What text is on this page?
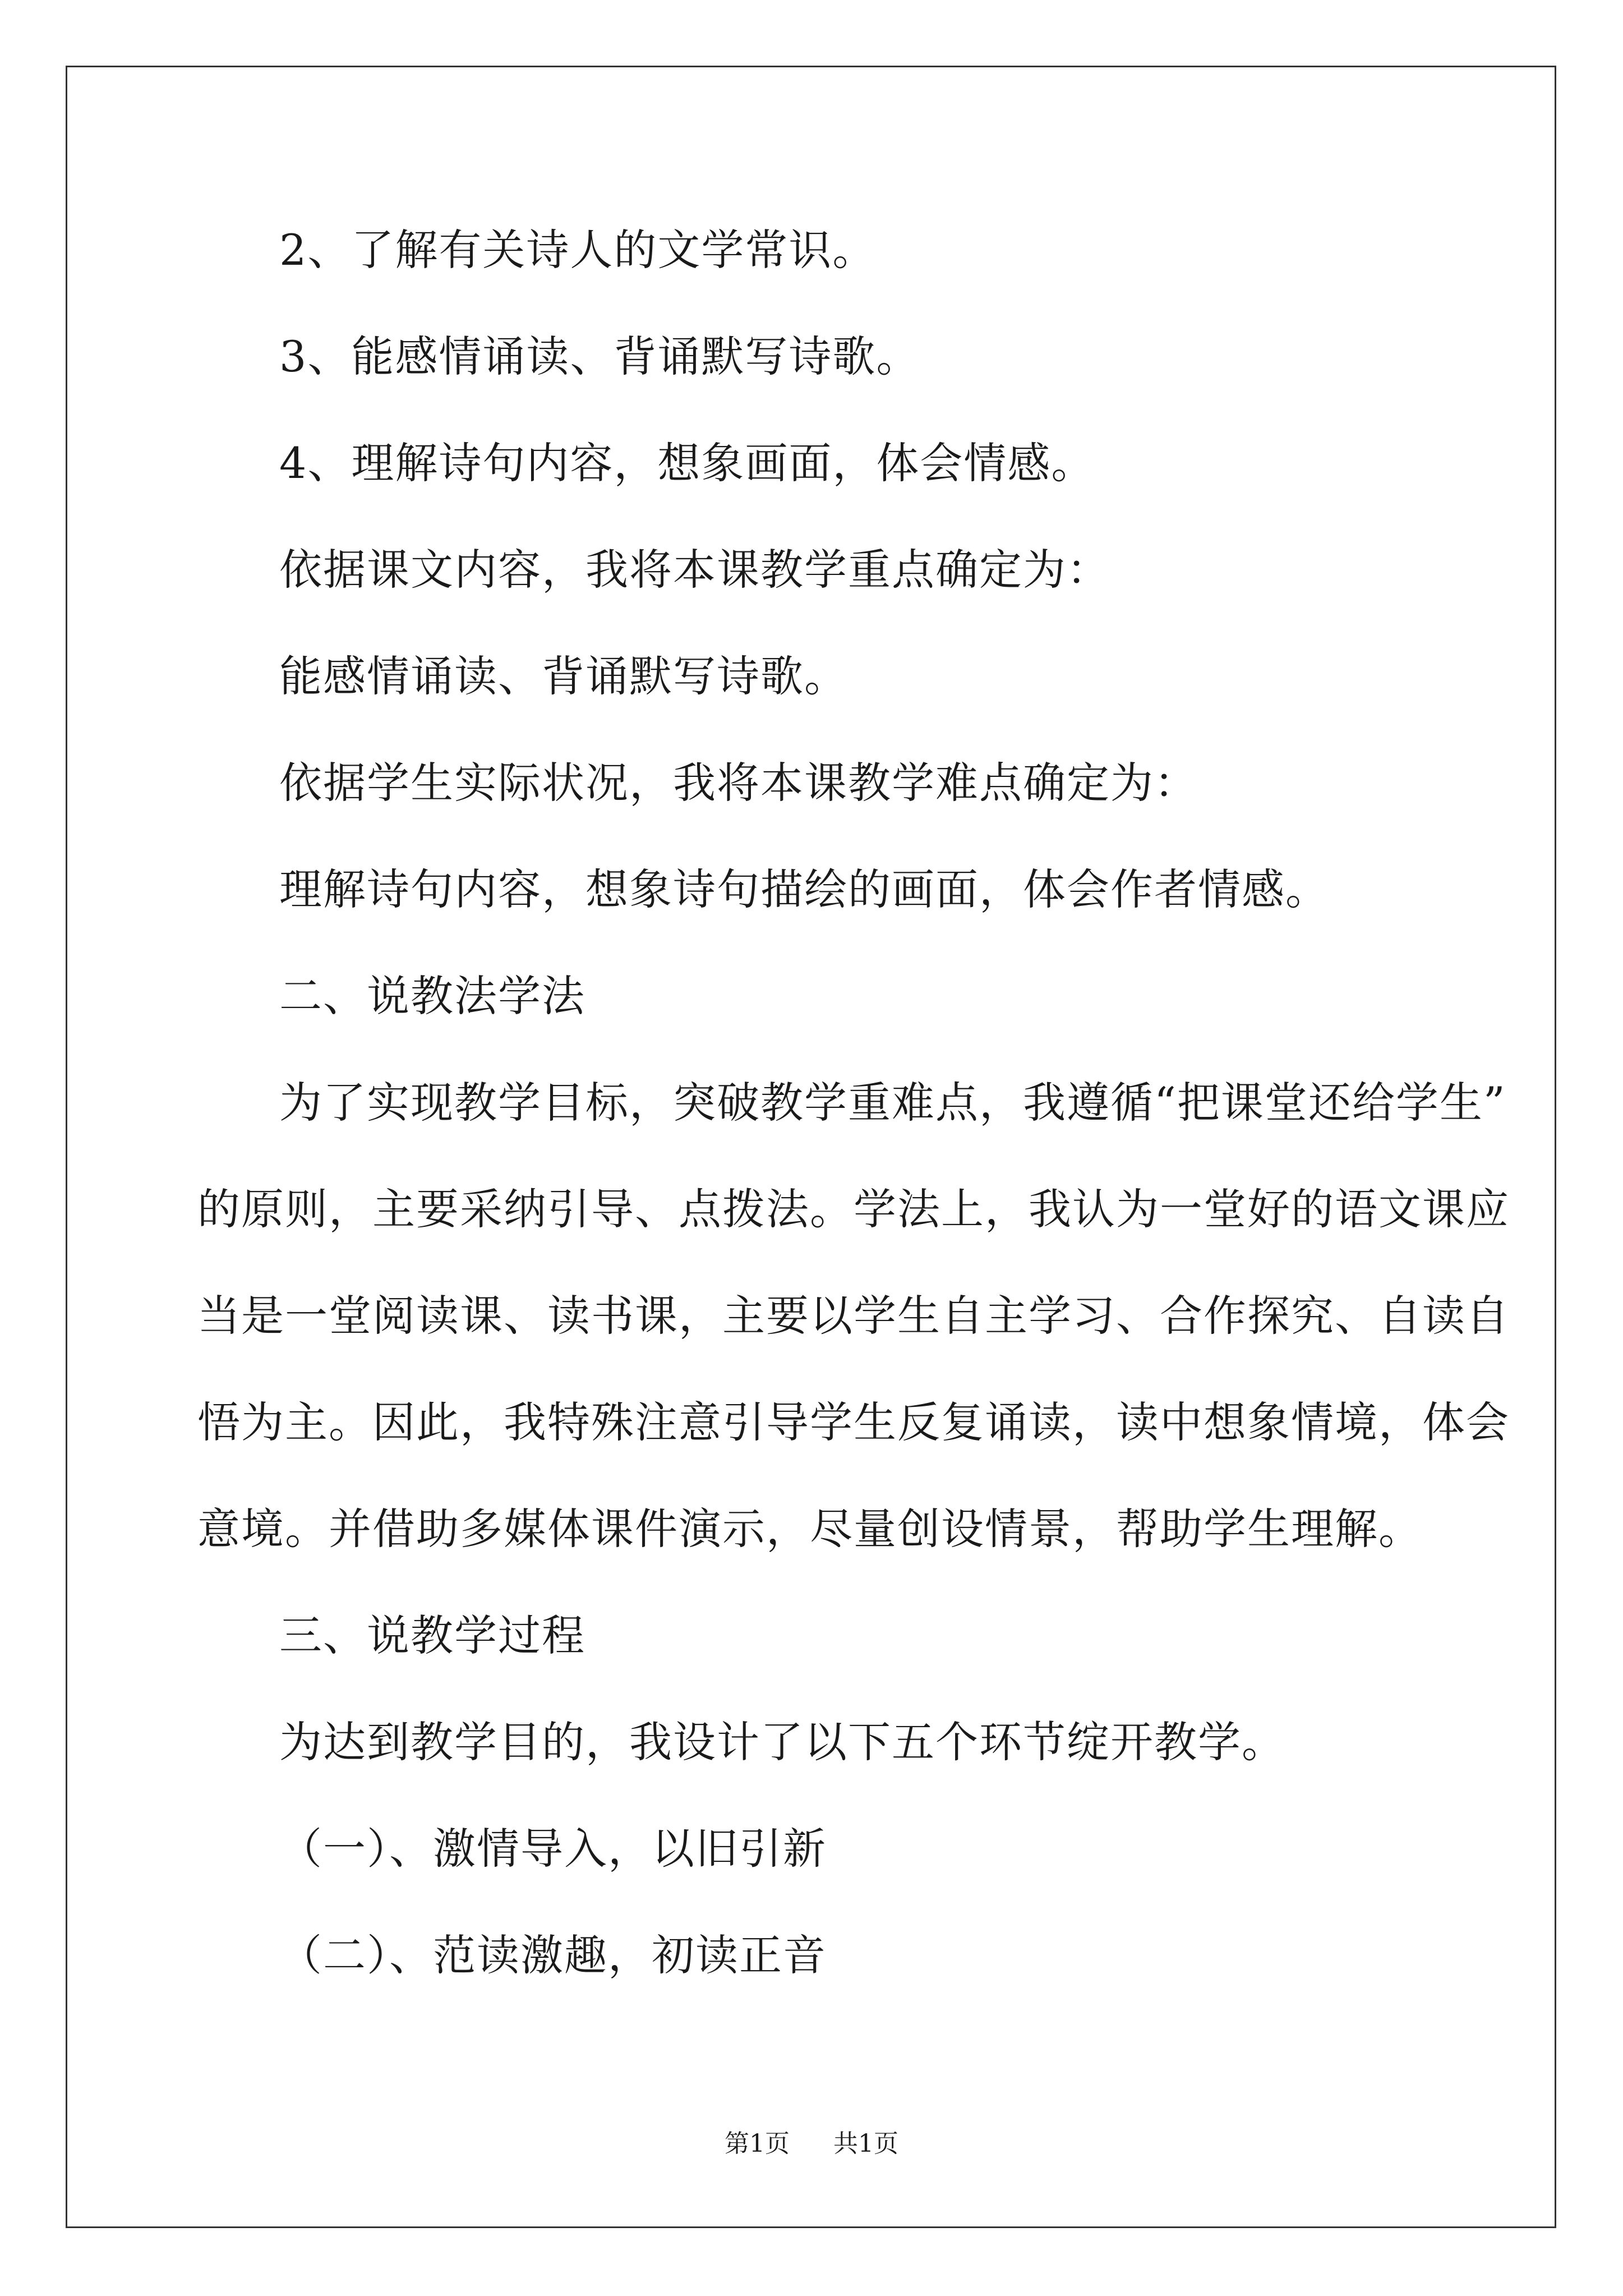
2、了解有关诗人的文学常识。
3、能感情诵读、背诵默写诗歌。
4、理解诗句内容，想象画面，体会情感。
依据课文内容，我将本课教学重点确定为：
能感情诵读、背诵默写诗歌。
依据学生实际状况，我将本课教学难点确定为：
理解诗句内容，想象诗句描绘的画面，体会作者情感。
二、说教法学法
为了实现教学目标，突破教学重难点，我遵循“把课堂还给学生”
的原则，主要采纳引导、点拨法。学法上，我认为一堂好的语文课应
当是一堂阅读课、读书课，主要以学生自主学习、合作探究、自读自
悟为主。因此，我特殊注意引导学生反复诵读，读中想象情境，体会
意境。并借助多媒体课件演示，尽量创设情景，帮助学生理解。
三、说教学过程
为达到教学目的，我设计了以下五个环节绽开教学。
（一）、激情导入，以旧引新
（二）、范读激趣，初读正音
第1页 共1页
